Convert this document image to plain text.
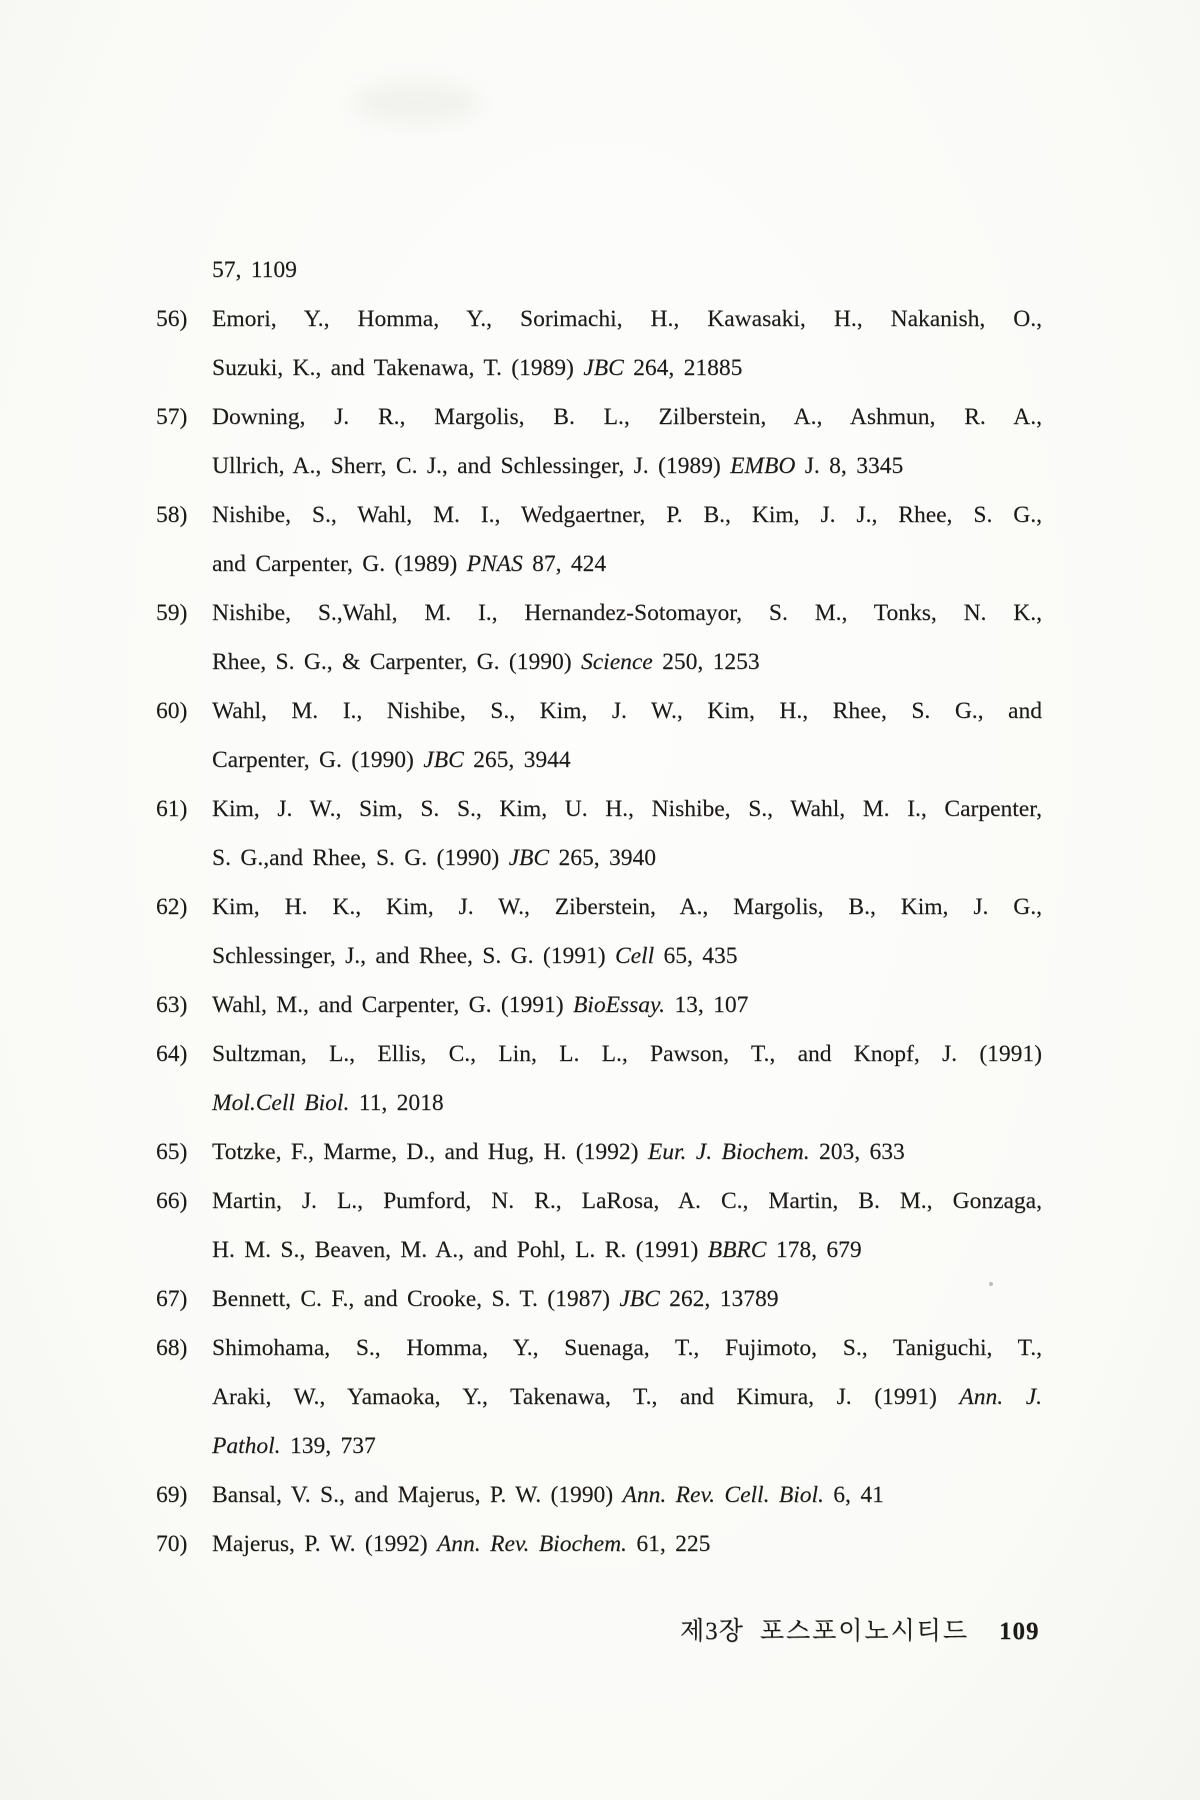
57, 1109
56) Emori, Y., Homma, Y., Sorimachi, H., Kawasaki, H., Nakanish, O.,
Suzuki, K., and Takenawa, T. (1989) JBC 264, 21885
57) Downing, J. R., Margolis, B. L., Zilberstein, A., Ashmun, R. A.,
Ullrich, A., Sherr, C. J., and Schlessinger, J. (1989) EMBO J. 8, 3345
58) Nishibe, S., Wahl, M. I., Wedgaertner, P. B., Kim, J. J., Rhee, S. G.,
and Carpenter, G. (1989) PNAS 87, 424
59) Nishibe, S.,Wahl, M. I., Hernandez-Sotomayor, S. M., Tonks, N. K.,
Rhee, S. G., & Carpenter, G. (1990) Science 250, 1253
60) Wahl, M. I., Nishibe, S., Kim, J. W., Kim, H., Rhee, S. G., and
Carpenter, G. (1990) JBC 265, 3944
61) Kim, J. W., Sim, S. S., Kim, U. H., Nishibe, S., Wahl, M. I., Carpenter,
S. G.,and Rhee, S. G. (1990) JBC 265, 3940
62) Kim, H. K., Kim, J. W., Ziberstein, A., Margolis, B., Kim, J. G.,
Schlessinger, J., and Rhee, S. G. (1991) Cell 65, 435
63) Wahl, M., and Carpenter, G. (1991) BioEssay. 13, 107
64) Sultzman, L., Ellis, C., Lin, L. L., Pawson, T., and Knopf, J. (1991)
Mol.Cell Biol. 11, 2018
65) Totzke, F., Marme, D., and Hug, H. (1992) Eur. J. Biochem. 203, 633
66) Martin, J. L., Pumford, N. R., LaRosa, A. C., Martin, B. M., Gonzaga,
H. M. S., Beaven, M. A., and Pohl, L. R. (1991) BBRC 178, 679
67) Bennett, C. F., and Crooke, S. T. (1987) JBC 262, 13789
68) Shimohama, S., Homma, Y., Suenaga, T., Fujimoto, S., Taniguchi, T.,
Araki, W., Yamaoka, Y., Takenawa, T., and Kimura, J. (1991) Ann. J.
Pathol. 139, 737
69) Bansal, V. S., and Majerus, P. W. (1990) Ann. Rev. Cell. Biol. 6, 41
70) Majerus, P. W. (1992) Ann. Rev. Biochem. 61, 225
제3장 포스포이노시티드 109
